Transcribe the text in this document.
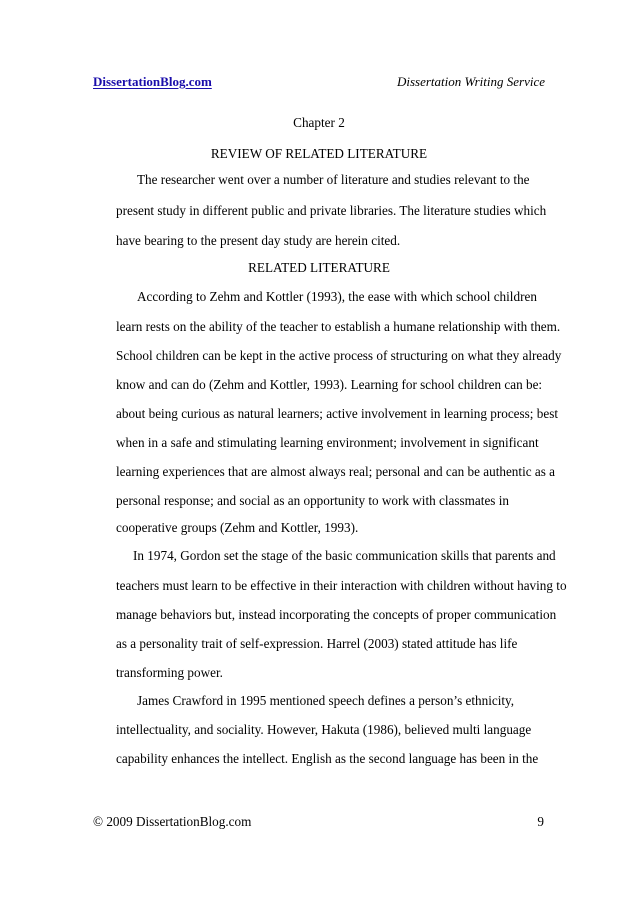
DissertationBlog.com	Dissertation Writing Service
Chapter 2
REVIEW OF RELATED LITERATURE
The researcher went over a number of literature and studies relevant to the
present study in different public and private libraries. The literature studies which
have bearing to the present day study are herein cited.
RELATED LITERATURE
According to Zehm and Kottler (1993), the ease with which school children
learn rests on the ability of the teacher to establish a humane relationship with them.
School children can be kept in the active process of structuring on what they already
know and can do (Zehm and Kottler, 1993). Learning for school children can be:
about being curious as natural learners; active involvement in learning process; best
when in a safe and stimulating learning environment; involvement in significant
learning experiences that are almost always real; personal and can be authentic as a
personal response; and social as an opportunity to work with classmates in
cooperative groups (Zehm and Kottler, 1993).
In 1974, Gordon set the stage of the basic communication skills that parents and
teachers must learn to be effective in their interaction with children without having to
manage behaviors but, instead incorporating the concepts of proper communication
as a personality trait of self-expression. Harrel (2003) stated attitude has life
transforming power.
James Crawford in 1995 mentioned speech defines a person’s ethnicity,
intellectuality, and sociality. However, Hakuta (1986), believed multi language
capability enhances the intellect. English as the second language has been in the
© 2009 DissertationBlog.com	9
